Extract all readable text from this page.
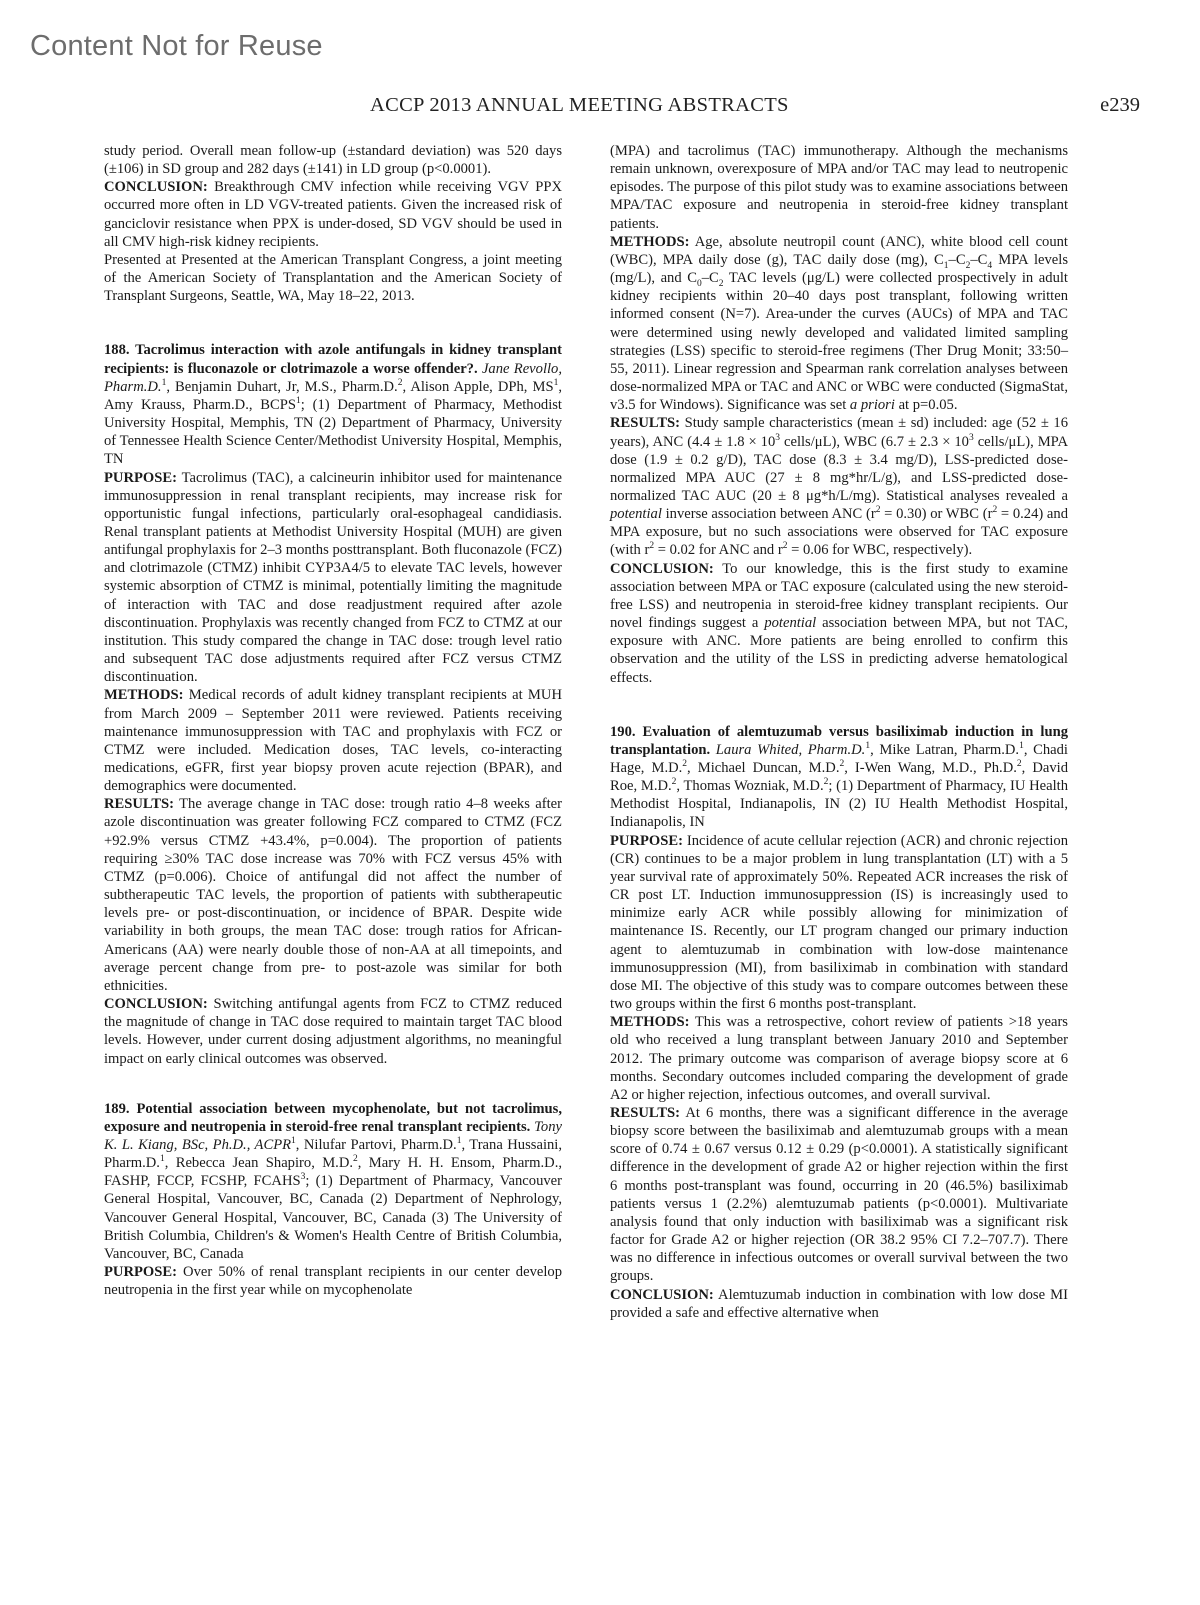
Content Not for Reuse
ACCP 2013 ANNUAL MEETING ABSTRACTS	e239

study period. Overall mean follow-up (±standard deviation) was 520 days (±106) in SD group and 282 days (±141) in LD group (p<0.0001).

CONCLUSION: Breakthrough CMV infection while receiving VGV PPX occurred more often in LD VGV-treated patients. Given the increased risk of ganciclovir resistance when PPX is under-dosed, SD VGV should be used in all CMV high-risk kidney recipients.

Presented at Presented at the American Transplant Congress, a joint meeting of the American Society of Transplantation and the American Society of Transplant Surgeons, Seattle, WA, May 18–22, 2013.

188. Tacrolimus interaction with azole antifungals in kidney transplant recipients: is fluconazole or clotrimazole a worse offender?. Jane Revollo, Pharm.D.$^1$, Benjamin Duhart, Jr, M.S., Pharm.D.$^2$, Alison Apple, DPh, $MS^1$, Amy Krauss, Pharm.D., BCPS$^1$; (1) Department of Pharmacy, Methodist University Hospital, Memphis, TN (2) Department of Pharmacy, University of Tennessee Health Science Center/Methodist University Hospital, Memphis, TN

PURPOSE: Tacrolimus (TAC), a calcineurin inhibitor used for maintenance immunosuppression in renal transplant recipients, may increase risk for opportunistic fungal infections, particularly oral-esophageal candidiasis. Renal transplant patients at Methodist University Hospital (MUH) are given antifungal prophylaxis for 2–3 months posttransplant. Both fluconazole (FCZ) and clotrimazole (CTMZ) inhibit CYP3A4/5 to elevate TAC levels, however systemic absorption of CTMZ is minimal, potentially limiting the magnitude of interaction with TAC and dose readjustment required after azole discontinuation. Prophylaxis was recently changed from FCZ to CTMZ at our institution. This study compared the change in TAC dose: trough level ratio and subsequent TAC dose adjustments required after FCZ versus CTMZ discontinuation.

METHODS: Medical records of adult kidney transplant recipients at MUH from March 2009 – September 2011 were reviewed. Patients receiving maintenance immunosuppression with TAC and prophylaxis with FCZ or CTMZ were included. Medication doses, TAC levels, co-interacting medications, eGFR, first year biopsy proven acute rejection (BPAR), and demographics were documented.

RESULTS: The average change in TAC dose: trough ratio 4–8 weeks after azole discontinuation was greater following FCZ compared to CTMZ (FCZ +92.9% versus CTMZ +43.4%, p=0.004). The proportion of patients requiring ≥30% TAC dose increase was 70% with FCZ versus 45% with CTMZ (p=0.006). Choice of antifungal did not affect the number of subtherapeutic TAC levels, the proportion of patients with subtherapeutic levels pre- or post-discontinuation, or incidence of BPAR. Despite wide variability in both groups, the mean TAC dose: trough ratios for African-Americans (AA) were nearly double those of non-AA at all timepoints, and average percent change from pre- to post-azole was similar for both ethnicities.

CONCLUSION: Switching antifungal agents from FCZ to CTMZ reduced the magnitude of change in TAC dose required to maintain target TAC blood levels. However, under current dosing adjustment algorithms, no meaningful impact on early clinical outcomes was observed.

189. Potential association between mycophenolate, but not tacrolimus, exposure and neutropenia in steroid-free renal transplant recipients. Tony K. L. Kiang, BSc, Ph.D., ACPR$^1$, Nilufar Partovi, Pharm.D.$^1$, Trana Hussaini, Pharm.D.$^1$, Rebecca Jean Shapiro, M.D.$^2$, Mary H. H. Ensom, Pharm.D., FASHP, FCCP, FCSHP, FCAHS$^3$; (1) Department of Pharmacy, Vancouver General Hospital, Vancouver, BC, Canada (2) Department of Nephrology, Vancouver General Hospital, Vancouver, BC, Canada (3) The University of British Columbia, Children's & Women's Health Centre of British Columbia, Vancouver, BC, Canada

PURPOSE: Over 50% of renal transplant recipients in our center develop neutropenia in the first year while on mycophenolate

(MPA) and tacrolimus (TAC) immunotherapy. Although the mechanisms remain unknown, overexposure of MPA and/or TAC may lead to neutropenic episodes. The purpose of this pilot study was to examine associations between MPA/TAC exposure and neutropenia in steroid-free kidney transplant patients.

METHODS: Age, absolute neutropil count (ANC), white blood cell count (WBC), MPA daily dose (g), TAC daily dose (mg), $C_1-C_2-C_4$ MPA levels (mg/L), and $C_0-C_2$ TAC levels (μg/L) were collected prospectively in adult kidney recipients within 20–40 days post transplant, following written informed consent (N=7). Area-under the curves (AUCs) of MPA and TAC were determined using newly developed and validated limited sampling strategies (LSS) specific to steroid-free regimens (Ther Drug Monit; 33:50–55, 2011). Linear regression and Spearman rank correlation analyses between dose-normalized MPA or TAC and ANC or WBC were conducted (SigmaStat, v3.5 for Windows). Significance was set a priori at p=0.05.

RESULTS: Study sample characteristics (mean ± sd) included: age (52 ± 16 years), ANC ($4.4 \pm 1.8 \times 10^3$ cells/μL), WBC ($6.7 \pm 2.3 \times 10^3$ cells/μL), MPA dose (1.9 ± 0.2 g/D), TAC dose (8.3 ± 3.4 mg/D), LSS-predicted dose-normalized MPA AUC (27 ± 8 mg*hr/L/g), and LSS-predicted dose-normalized TAC AUC (20 ± 8 μg*h/L/mg). Statistical analyses revealed a potential inverse association between ANC $(r^2 = 0.30)$ or WBC $(r^2 = 0.24)$ and MPA exposure, but no such associations were observed for TAC exposure (with $r^2 = 0.02$ for ANC and $r^2 = 0.06$ for WBC, respectively).

CONCLUSION: To our knowledge, this is the first study to examine association between MPA or TAC exposure (calculated using the new steroid-free LSS) and neutropenia in steroid-free kidney transplant recipients. Our novel findings suggest a potential association between MPA, but not TAC, exposure with ANC. More patients are being enrolled to confirm this observation and the utility of the LSS in predicting adverse hematological effects.

190. Evaluation of alemtuzumab versus basiliximab induction in lung transplantation. Laura Whited, Pharm.D.$^1$, Mike Latran, Pharm.D.$^1$, Chadi Hage, M.D.$^2$, Michael Duncan, M.D.$^2$, I-Wen Wang, M.D., Ph.D.$^2$, David Roe, M.D.$^2$, Thomas Wozniak, M.D.$^2$; (1) Department of Pharmacy, IU Health Methodist Hospital, Indianapolis, IN (2) IU Health Methodist Hospital, Indianapolis, IN

PURPOSE: Incidence of acute cellular rejection (ACR) and chronic rejection (CR) continues to be a major problem in lung transplantation (LT) with a 5 year survival rate of approximately 50%. Repeated ACR increases the risk of CR post LT. Induction immunosuppression (IS) is increasingly used to minimize early ACR while possibly allowing for minimization of maintenance IS. Recently, our LT program changed our primary induction agent to alemtuzumab in combination with low-dose maintenance immunosuppression (MI), from basiliximab in combination with standard dose MI. The objective of this study was to compare outcomes between these two groups within the first 6 months post-transplant.

METHODS: This was a retrospective, cohort review of patients >18 years old who received a lung transplant between January 2010 and September 2012. The primary outcome was comparison of average biopsy score at 6 months. Secondary outcomes included comparing the development of grade A2 or higher rejection, infectious outcomes, and overall survival.

RESULTS: At 6 months, there was a significant difference in the average biopsy score between the basiliximab and alemtuzumab groups with a mean score of 0.74 ± 0.67 versus 0.12 ± 0.29 (p<0.0001). A statistically significant difference in the development of grade A2 or higher rejection within the first 6 months post-transplant was found, occurring in 20 (46.5%) basiliximab patients versus 1 (2.2%) alemtuzumab patients (p<0.0001). Multivariate analysis found that only induction with basiliximab was a significant risk factor for Grade A2 or higher rejection (OR 38.2 95% CI 7.2–707.7). There was no difference in infectious outcomes or overall survival between the two groups.

CONCLUSION: Alemtuzumab induction in combination with low dose MI provided a safe and effective alternative when
